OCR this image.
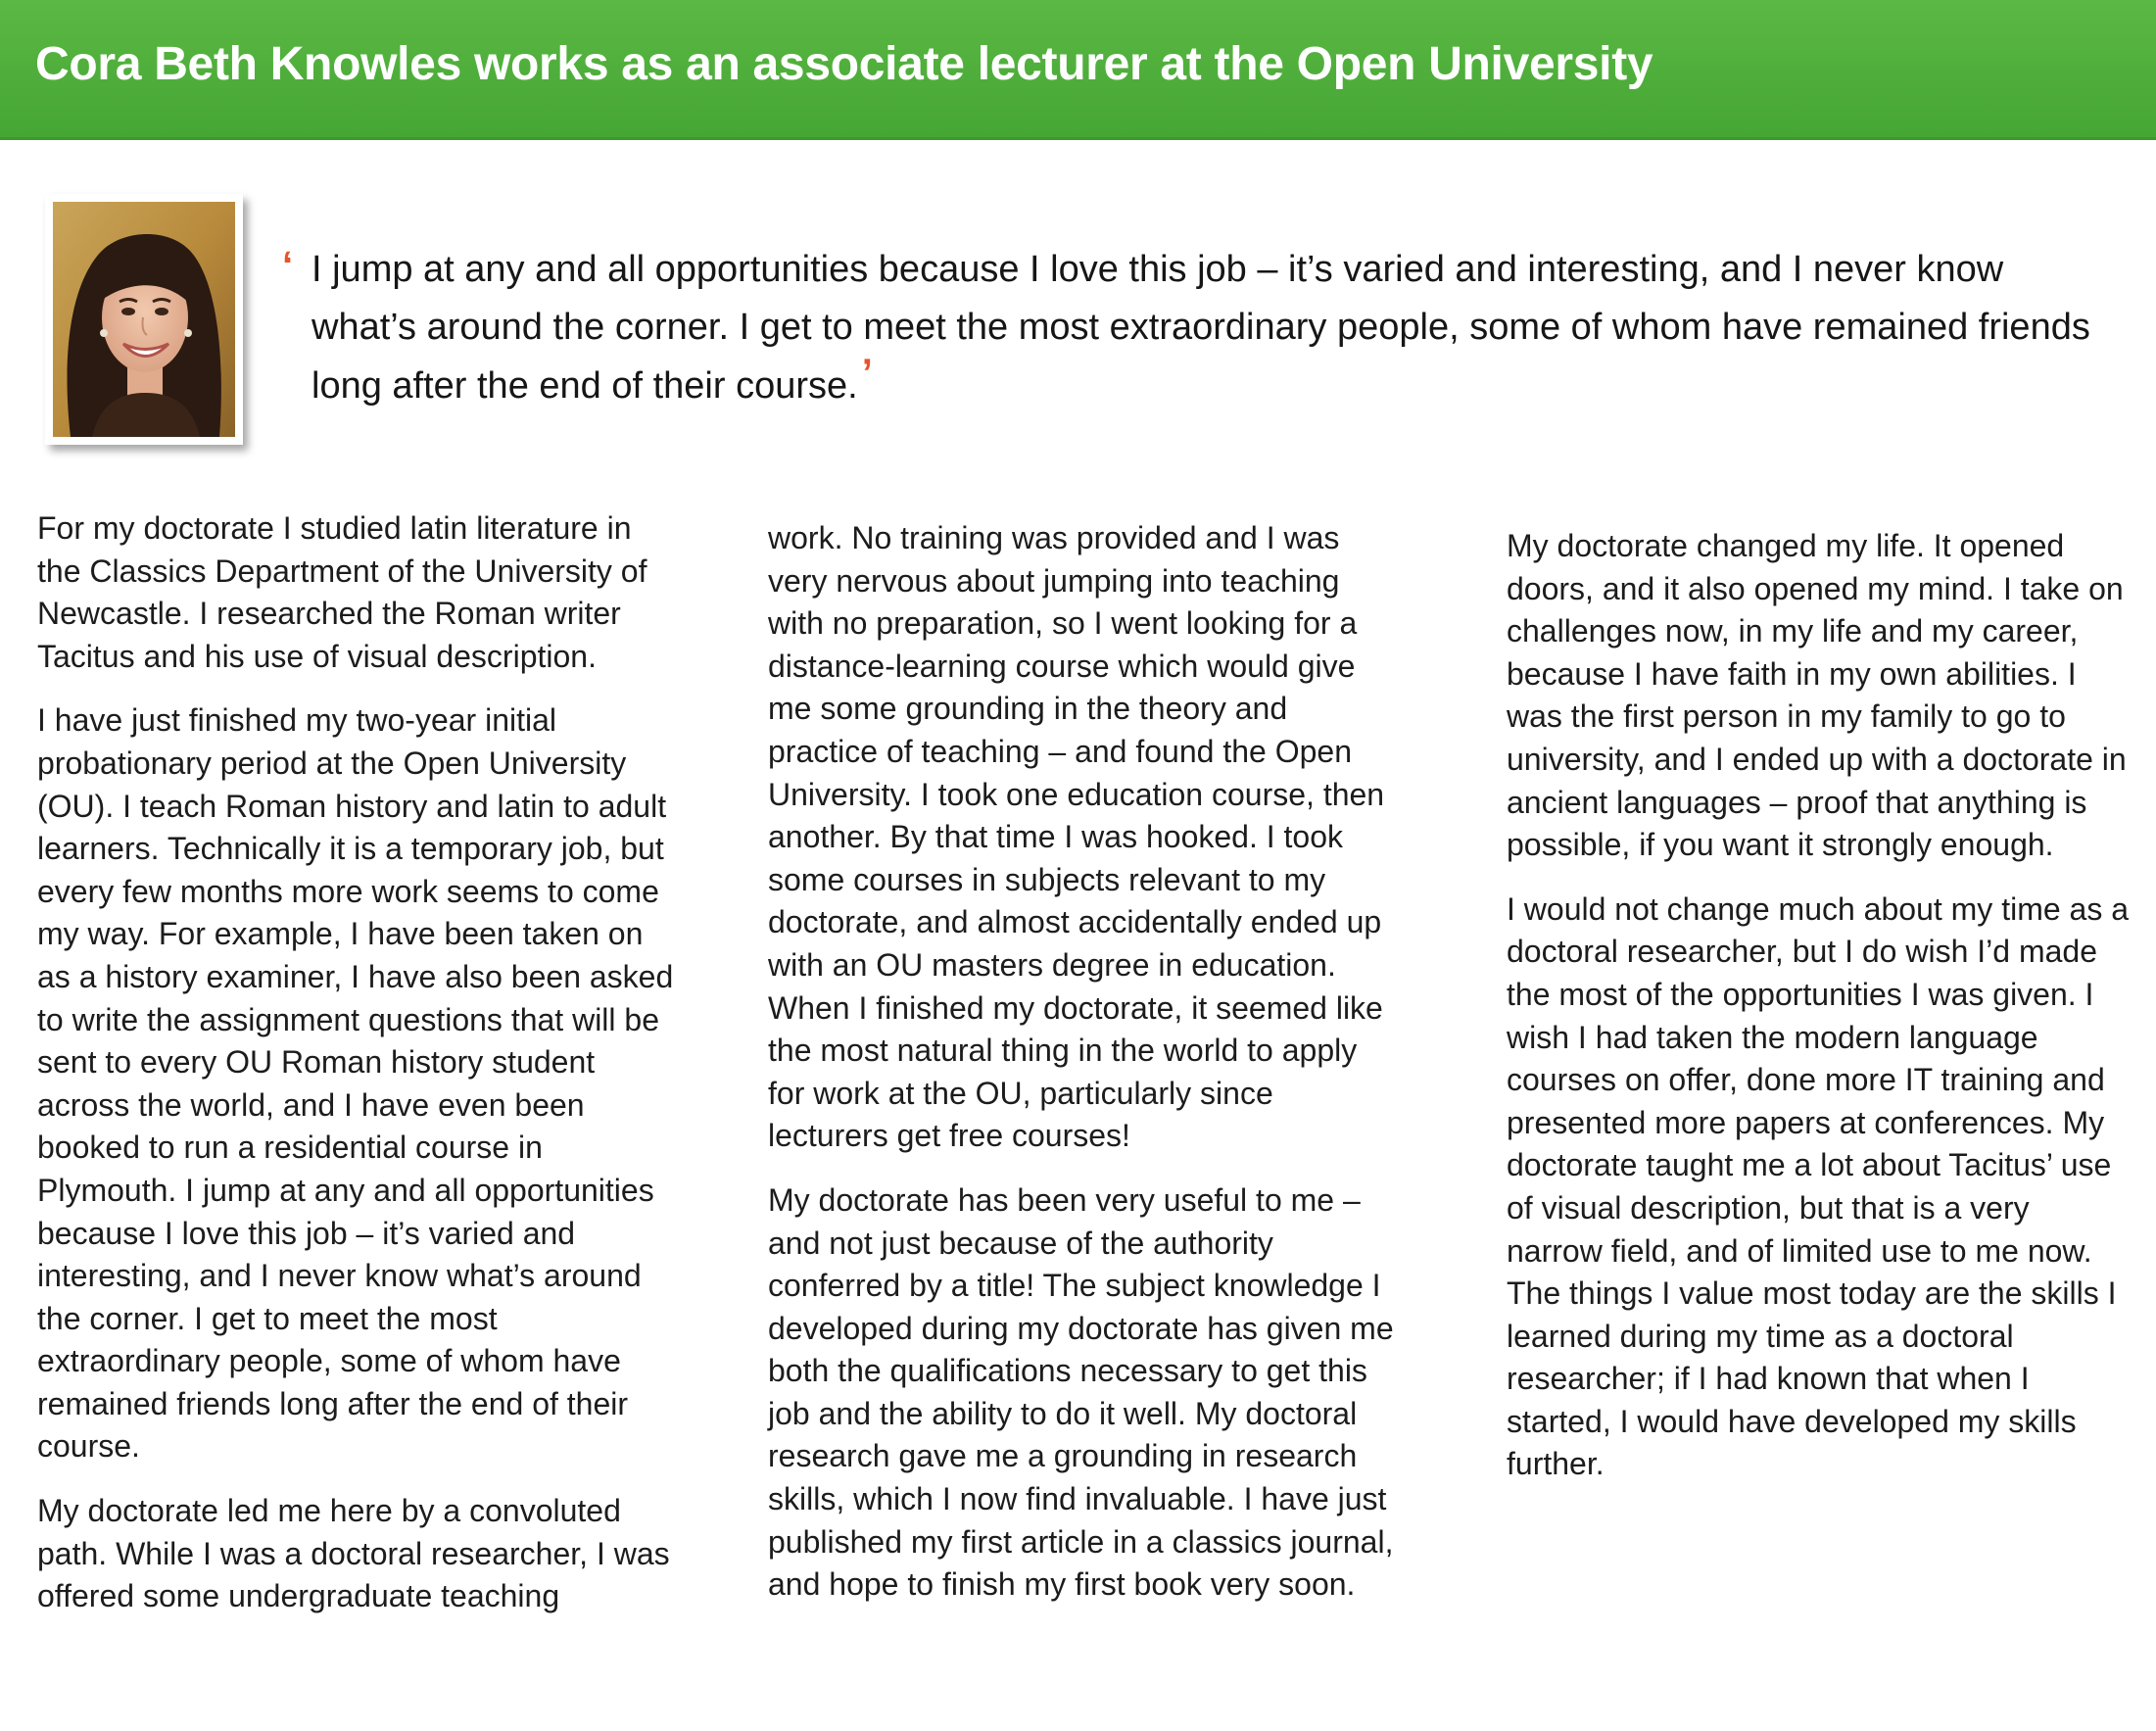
Cora Beth Knowles works as an associate lecturer at the Open University

‘ I jump at any and all opportunities because I love this job – it’s varied and interesting, and I never know what’s around the corner. I get to meet the most extraordinary people, some of whom have remained friends long after the end of their course. ’

For my doctorate I studied latin literature in the Classics Department of the University of Newcastle. I researched the Roman writer Tacitus and his use of visual description.

I have just finished my two-year initial probationary period at the Open University (OU). I teach Roman history and latin to adult learners. Technically it is a temporary job, but every few months more work seems to come my way. For example, I have been taken on as a history examiner, I have also been asked to write the assignment questions that will be sent to every OU Roman history student across the world, and I have even been booked to run a residential course in Plymouth. I jump at any and all opportunities because I love this job – it’s varied and interesting, and I never know what’s around the corner. I get to meet the most extraordinary people, some of whom have remained friends long after the end of their course.

My doctorate led me here by a convoluted path. While I was a doctoral researcher, I was offered some undergraduate teaching

work. No training was provided and I was very nervous about jumping into teaching with no preparation, so I went looking for a distance-learning course which would give me some grounding in the theory and practice of teaching – and found the Open University. I took one education course, then another. By that time I was hooked. I took some courses in subjects relevant to my doctorate, and almost accidentally ended up with an OU masters degree in education. When I finished my doctorate, it seemed like the most natural thing in the world to apply for work at the OU, particularly since lecturers get free courses!

My doctorate has been very useful to me – and not just because of the authority conferred by a title! The subject knowledge I developed during my doctorate has given me both the qualifications necessary to get this job and the ability to do it well. My doctoral research gave me a grounding in research skills, which I now find invaluable. I have just published my first article in a classics journal, and hope to finish my first book very soon.

My doctorate changed my life. It opened doors, and it also opened my mind. I take on challenges now, in my life and my career, because I have faith in my own abilities. I was the first person in my family to go to university, and I ended up with a doctorate in ancient languages – proof that anything is possible, if you want it strongly enough.

I would not change much about my time as a doctoral researcher, but I do wish I’d made the most of the opportunities I was given. I wish I had taken the modern language courses on offer, done more IT training and presented more papers at conferences. My doctorate taught me a lot about Tacitus’ use of visual description, but that is a very narrow field, and of limited use to me now. The things I value most today are the skills I learned during my time as a doctoral researcher; if I had known that when I started, I would have developed my skills further.
